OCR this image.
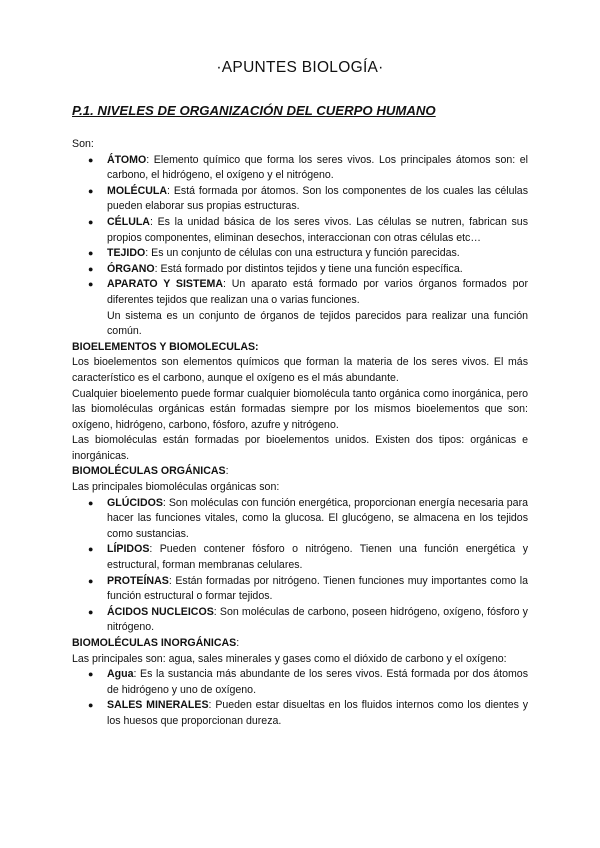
·APUNTES BIOLOGÍA·
P.1. NIVELES DE ORGANIZACIÓN DEL CUERPO HUMANO

Son:

● ÁTOMO: Elemento químico que forma los seres vivos. Los principales átomos son: el carbono, el hidrógeno, el oxígeno y el nitrógeno.
● MOLÉCULA: Está formada por átomos. Son los componentes de los cuales las células pueden elaborar sus propias estructuras.
● CÉLULA: Es la unidad básica de los seres vivos. Las células se nutren, fabrican sus propios componentes, eliminan desechos, interaccionan con otras células etc…
● TEJIDO: Es un conjunto de células con una estructura y función parecidas.
● ÓRGANO: Está formado por distintos tejidos y tiene una función específica.
● APARATO Y SISTEMA: Un aparato está formado por varios órganos formados por diferentes tejidos que realizan una o varias funciones.
Un sistema es un conjunto de órganos de tejidos parecidos para realizar una función común.

BIOELEMENTOS Y BIOMOLECULAS:

Los bioelementos son elementos químicos que forman la materia de los seres vivos. El más característico es el carbono, aunque el oxígeno es el más abundante.

Cualquier bioelemento puede formar cualquier biomolécula tanto orgánica como inorgánica, pero las biomoléculas orgánicas están formadas siempre por los mismos bioelementos que son: oxígeno, hidrógeno, carbono, fósforo, azufre y nitrógeno.

Las biomoléculas están formadas por bioelementos unidos. Existen dos tipos: orgánicas e inorgánicas.

BIOMOLÉCULAS ORGÁNICAS:

Las principales biomoléculas orgánicas son:

● GLÚCIDOS: Son moléculas con función energética, proporcionan energía necesaria para hacer las funciones vitales, como la glucosa. El glucógeno, se almacena en los tejidos como sustancias.
● LÍPIDOS: Pueden contener fósforo o nitrógeno. Tienen una función energética y estructural, forman membranas celulares.
● PROTEÍNAS: Están formadas por nitrógeno. Tienen funciones muy importantes como la función estructural o formar tejidos.
● ÁCIDOS NUCLEICOS: Son moléculas de carbono, poseen hidrógeno, oxígeno, fósforo y nitrógeno.

BIOMOLÉCULAS INORGÁNICAS:

Las principales son: agua, sales minerales y gases como el dióxido de carbono y el oxígeno:

● Agua: Es la sustancia más abundante de los seres vivos. Está formada por dos átomos de hidrógeno y uno de oxígeno.
● SALES MINERALES: Pueden estar disueltas en los fluidos internos como los dientes y los huesos que proporcionan dureza.
